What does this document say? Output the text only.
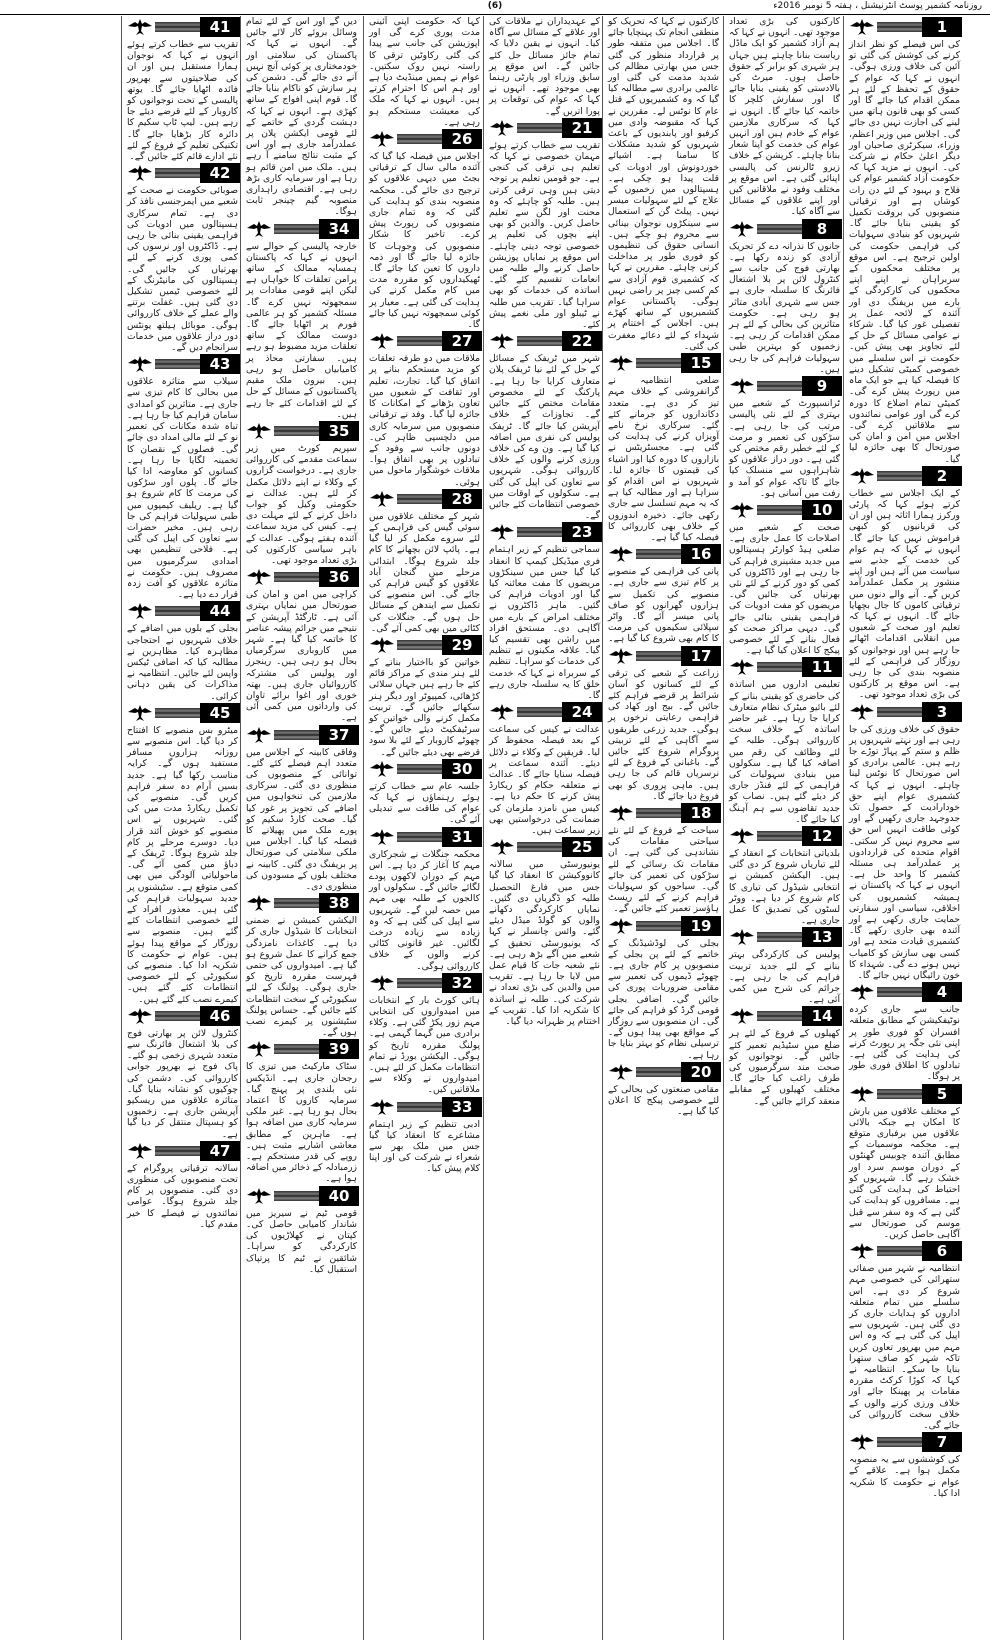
(6)	روزنامہ کشمیر پوسٹ انٹرنیشنل ، ہفتہ 5 نومبر 2016ء
1
کی اس فیصلے کو نظر انداز کرنے کی کوشش کی گئی تو آئین کی خلاف ورزی ہوگی۔ انہوں نے کہا کہ عوام کے حقوق کے تحفظ کے لئے ہر ممکن اقدام کیا جائے گا اور کسی کو بھی قانون ہاتھ میں لینے کی اجازت نہیں دی جائے گی۔ اجلاس میں وزیر اعظم، وزراء، سیکرٹری صاحبان اور دیگر اعلیٰ حکام نے شرکت کی۔ انہوں نے مزید کہا کہ حکومت آزاد کشمیر عوام کی فلاح و بہبود کے لئے دن رات کوشاں ہے اور ترقیاتی منصوبوں کی بروقت تکمیل کو یقینی بنایا جائے گا۔ شہریوں کو بنیادی سہولیات کی فراہمی حکومت کی اولین ترجیح ہے۔ اس موقع پر مختلف محکموں کے سربراہان نے اپنے اپنے محکموں کی کارکردگی کے بارے میں بریفنگ دی اور آئندہ کے لائحہ عمل پر تفصیلی غور کیا گیا۔ شرکاء نے عوامی مسائل کے حل کے لئے تجاویز بھی پیش کیں۔ حکومت نے اس سلسلے میں خصوصی کمیٹی تشکیل دینے کا فیصلہ کیا ہے جو ایک ماہ میں رپورٹ پیش کرے گی۔ کمیٹی تمام اضلاع کا دورہ کرے گی اور عوامی نمائندوں سے ملاقاتیں کرے گی۔ اجلاس میں امن و امان کی صورتحال کا بھی جائزہ لیا گیا۔
2
کے ایک اجلاس سے خطاب کرتے ہوئے کہا کہ پارٹی ورکرز ہمارا اثاثہ ہیں اور ان کی قربانیوں کو کبھی فراموش نہیں کیا جائے گا۔ انہوں نے کہا کہ ہم عوام کی خدمت کے جذبے سے سیاست میں آئے ہیں اور اپنے منشور پر مکمل عملدرآمد کریں گے۔ آنے والے دنوں میں ترقیاتی کاموں کا جال بچھایا جائے گا۔ انہوں نے کہا کہ تعلیم اور صحت کے شعبوں میں انقلابی اقدامات اٹھائے جا رہے ہیں اور نوجوانوں کو روزگار کی فراہمی کے لئے منصوبہ بندی کی جا رہی ہے۔ اس موقع پر کارکنوں کی بڑی تعداد موجود تھی۔
3
حقوق کی خلاف ورزی کی جا رہی ہے اور نہتے شہریوں پر ظلم و ستم کے پہاڑ توڑے جا رہے ہیں۔ عالمی برادری کو اس صورتحال کا نوٹس لینا چاہئے۔ انہوں نے کہا کہ کشمیری عوام اپنے حق خودارادیت کے حصول تک جدوجہد جاری رکھیں گے اور کوئی طاقت انہیں اس حق سے محروم نہیں کر سکتی۔ اقوام متحدہ کی قراردادوں پر عملدرآمد ہی مسئلہ کشمیر کا واحد حل ہے۔ انہوں نے کہا کہ پاکستان نے ہمیشہ کشمیریوں کی اخلاقی، سیاسی اور سفارتی حمایت جاری رکھی ہے اور آئندہ بھی جاری رکھے گا۔ کشمیری قیادت متحد ہے اور کسی بھی سازش کو کامیاب نہیں ہونے دے گی۔ شہداء کا خون رائیگاں نہیں جائے گا۔
4
جانب سے جاری کردہ نوٹیفکیشن کے مطابق متعلقہ افسران کو فوری طور پر اپنی نئی جگہ پر رپورٹ کرنے کی ہدایت کی گئی ہے۔ تبادلوں کا اطلاق فوری طور پر ہوگا۔
5
کے مختلف علاقوں میں بارش کا امکان ہے جبکہ بالائی علاقوں میں برفباری متوقع ہے۔ محکمہ موسمیات کے مطابق آئندہ چوبیس گھنٹوں کے دوران موسم سرد اور خشک رہے گا۔ شہریوں کو احتیاط کی ہدایت کی گئی ہے۔ مسافروں کو ہدایت کی گئی ہے کہ وہ سفر سے قبل موسم کی صورتحال سے آگاہی حاصل کریں۔
6
انتظامیہ نے شہر میں صفائی ستھرائی کی خصوصی مہم شروع کر دی ہے۔ اس سلسلے میں تمام متعلقہ اداروں کو ہدایات جاری کر دی گئی ہیں۔ شہریوں سے اپیل کی گئی ہے کہ وہ اس مہم میں بھرپور تعاون کریں تاکہ شہر کو صاف ستھرا بنایا جا سکے۔ انتظامیہ نے کہا کہ کوڑا کرکٹ مقررہ مقامات پر پھینکا جائے اور خلاف ورزی کرنے والوں کے خلاف سخت کارروائی کی جائے گی۔
7
کی کوششوں سے یہ منصوبہ مکمل ہوا ہے۔ علاقے کے عوام نے حکومت کا شکریہ ادا کیا۔
کارکنوں کی بڑی تعداد موجود تھی۔ انہوں نے کہا کہ ہم آزاد کشمیر کو ایک ماڈل ریاست بنانا چاہتے ہیں جہاں ہر شہری کو برابر کے حقوق حاصل ہوں۔ میرٹ کی بالادستی کو یقینی بنایا جائے گا اور سفارش کلچر کا خاتمہ کیا جائے گا۔ انہوں نے کہا کہ سرکاری ملازمین عوام کے خادم ہیں اور انہیں عوام کی خدمت کو اپنا شعار بنانا چاہئے۔ کرپشن کے خلاف زیرو ٹالرنس کی پالیسی اپنائی گئی ہے۔ اس موقع پر مختلف وفود نے ملاقاتیں کیں اور اپنے علاقوں کے مسائل سے آگاہ کیا۔
8
جانوں کا نذرانہ دے کر تحریک آزادی کو زندہ رکھا ہے۔ بھارتی فوج کی جانب سے کنٹرول لائن پر بلا اشتعال فائرنگ کا سلسلہ جاری ہے جس سے شہری آبادی متاثر ہو رہی ہے۔ حکومت متاثرین کی بحالی کے لئے ہر ممکن اقدامات کر رہی ہے۔ زخمیوں کو بہترین طبی سہولیات فراہم کی جا رہی ہیں۔
9
ٹرانسپورٹ کے شعبے میں بہتری کے لئے نئی پالیسی مرتب کی جا رہی ہے۔ سڑکوں کی تعمیر و مرمت کے لئے خطیر رقم مختص کی گئی ہے۔ دور دراز علاقوں کو شاہراہوں سے منسلک کیا جائے گا تاکہ عوام کو آمد و رفت میں آسانی ہو۔
10
صحت کے شعبے میں اصلاحات کا عمل جاری ہے۔ ضلعی ہیڈ کوارٹر ہسپتالوں میں جدید مشینری فراہم کی جا رہی ہے اور ڈاکٹروں کی کمی کو دور کرنے کے لئے نئی بھرتیاں کی جائیں گی۔ مریضوں کو مفت ادویات کی فراہمی یقینی بنائی جائے گی۔ دیہی مراکز صحت کو فعال بنانے کے لئے خصوصی پیکج کا اعلان کیا گیا ہے۔
11
تعلیمی اداروں میں اساتذہ کی حاضری کو یقینی بنانے کے لئے بائیو میٹرک نظام متعارف کرایا جا رہا ہے۔ غیر حاضر اساتذہ کے خلاف سخت کارروائی ہوگی۔ طلبہ کے لئے وظائف کی رقم میں اضافہ کیا گیا ہے۔ سکولوں میں بنیادی سہولیات کی فراہمی کے لئے فنڈز جاری کر دیئے گئے ہیں۔ نصاب کو جدید تقاضوں سے ہم آہنگ کیا جائے گا۔
12
بلدیاتی انتخابات کے انعقاد کے لئے تیاریاں شروع کر دی گئی ہیں۔ الیکشن کمیشن نے انتخابی شیڈول کی تیاری کا کام شروع کر دیا ہے۔ ووٹر لسٹوں کی تصدیق کا عمل جاری ہے۔
13
پولیس کی کارکردگی بہتر بنانے کے لئے جدید تربیت فراہم کی جا رہی ہے۔ جرائم کی شرح میں کمی آئی ہے۔
14
کھیلوں کے فروغ کے لئے ہر ضلع میں سٹیڈیم تعمیر کئے جائیں گے۔ نوجوانوں کو صحت مند سرگرمیوں کی طرف راغب کیا جائے گا۔ مختلف کھیلوں کے مقابلے منعقد کرائے جائیں گے۔
کارکنوں نے کہا کہ تحریک کو منطقی انجام تک پہنچایا جائے گا۔ اجلاس میں متفقہ طور پر قرارداد منظور کی گئی جس میں بھارتی مظالم کی شدید مذمت کی گئی اور عالمی برادری سے مطالبہ کیا گیا کہ وہ کشمیریوں کے قتل عام کا نوٹس لے۔ مقررین نے کہا کہ مقبوضہ وادی میں کرفیو اور پابندیوں کے باعث شہریوں کو شدید مشکلات کا سامنا ہے۔ اشیائے خوردونوش اور ادویات کی قلت پیدا ہو چکی ہے۔ ہسپتالوں میں زخمیوں کے علاج کے لئے سہولیات میسر نہیں۔ پیلٹ گن کے استعمال سے سینکڑوں نوجوان بینائی سے محروم ہو چکے ہیں۔ انسانی حقوق کی تنظیموں کو فوری طور پر مداخلت کرنی چاہئے۔ مقررین نے کہا کہ کشمیری قوم آزادی سے کم کسی چیز پر راضی نہیں ہوگی۔ پاکستانی عوام کشمیریوں کے ساتھ کھڑے ہیں۔ اجلاس کے اختتام پر شہداء کے لئے دعائے مغفرت کی گئی۔
15
ضلعی انتظامیہ نے گرانفروشی کے خلاف مہم تیز کر دی ہے۔ متعدد دکانداروں کو جرمانے کئے گئے۔ سرکاری نرخ نامے آویزاں کرنے کی ہدایت کی گئی ہے۔ مجسٹریٹس نے بازاروں کا دورہ کیا اور اشیاء کی قیمتوں کا جائزہ لیا۔ شہریوں نے اس اقدام کو سراہا ہے اور مطالبہ کیا ہے کہ یہ مہم تسلسل سے جاری رکھی جائے۔ ذخیرہ اندوزوں کے خلاف بھی کارروائی کا فیصلہ کیا گیا ہے۔
16
پانی کی فراہمی کے منصوبے پر کام تیزی سے جاری ہے۔ منصوبے کی تکمیل سے ہزاروں گھرانوں کو صاف پانی میسر آئے گا۔ واٹر سپلائی سکیموں کی مرمت کا کام بھی شروع کیا گیا ہے۔
17
زراعت کے شعبے کی ترقی کے لئے کسانوں کو آسان شرائط پر قرضے فراہم کئے جائیں گے۔ بیج اور کھاد کی فراہمی رعایتی نرخوں پر ہوگی۔ جدید زرعی طریقوں سے آگاہی کے لئے تربیتی پروگرام شروع کئے جائیں گے۔ باغبانی کے فروغ کے لئے نرسریاں قائم کی جا رہی ہیں۔ ماہی پروری کو بھی فروغ دیا جائے گا۔
18
سیاحت کے فروغ کے لئے نئے سیاحتی مقامات کی نشاندہی کی گئی ہے۔ ان مقامات تک رسائی کے لئے سڑکوں کی تعمیر کی جائے گی۔ سیاحوں کو سہولیات فراہم کرنے کے لئے ریسٹ ہاؤسز تعمیر کئے جائیں گے۔
19
بجلی کی لوڈشیڈنگ کے خاتمے کے لئے پن بجلی کے منصوبوں پر کام جاری ہے۔ چھوٹے ڈیموں کی تعمیر سے مقامی ضروریات پوری کی جائیں گی۔ اضافی بجلی قومی گرڈ کو فراہم کی جائے گی۔ ان منصوبوں سے روزگار کے مواقع بھی پیدا ہوں گے۔ ترسیلی نظام کو بہتر بنایا جا رہا ہے۔
20
مقامی صنعتوں کی بحالی کے لئے خصوصی پیکج کا اعلان کیا گیا ہے۔
کے عہدیداران نے ملاقات کی اور علاقے کے مسائل سے آگاہ کیا۔ انہوں نے یقین دلایا کہ تمام جائز مسائل حل کئے جائیں گے۔ اس موقع پر سابق وزراء اور پارٹی رہنما بھی موجود تھے۔ انہوں نے کہا کہ عوام کی توقعات پر پورا اتریں گے۔
21
تقریب سے خطاب کرتے ہوئے مہمان خصوصی نے کہا کہ تعلیم ہی ترقی کی کنجی ہے۔ جو قومیں تعلیم پر توجہ دیتی ہیں وہی ترقی کرتی ہیں۔ طلبہ کو چاہئے کہ وہ محنت اور لگن سے تعلیم حاصل کریں۔ والدین کو بھی اپنے بچوں کی تعلیم پر خصوصی توجہ دینی چاہئے۔ اس موقع پر نمایاں پوزیشن حاصل کرنے والے طلبہ میں انعامات تقسیم کئے گئے۔ اساتذہ کی خدمات کو بھی سراہا گیا۔ تقریب میں طلبہ نے ٹیبلو اور ملی نغمے پیش کئے۔
22
شہر میں ٹریفک کے مسائل کے حل کے لئے نیا ٹریفک پلان متعارف کرایا جا رہا ہے۔ پارکنگ کے لئے مخصوص مقامات مختص کئے جائیں گے۔ تجاوزات کے خلاف آپریشن کیا جائے گا۔ ٹریفک پولیس کی نفری میں اضافہ کیا گیا ہے۔ ون وے کی خلاف ورزی کرنے والوں کے خلاف کارروائی ہوگی۔ شہریوں سے تعاون کی اپیل کی گئی ہے۔ سکولوں کے اوقات میں خصوصی انتظامات کئے جائیں گے۔
23
سماجی تنظیم کے زیر اہتمام فری میڈیکل کیمپ کا انعقاد کیا گیا جس میں سینکڑوں مریضوں کا مفت معائنہ کیا گیا اور ادویات فراہم کی گئیں۔ ماہر ڈاکٹروں نے مختلف امراض کے بارے میں آگاہی دی۔ مستحق افراد میں راشن بھی تقسیم کیا گیا۔ علاقہ مکینوں نے تنظیم کی خدمات کو سراہا۔ تنظیم کے سربراہ نے کہا کہ خدمت خلق کا یہ سلسلہ جاری رہے گا۔
24
عدالت نے کیس کی سماعت کے بعد فیصلہ محفوظ کر لیا۔ فریقین کے وکلاء نے دلائل دیئے۔ آئندہ سماعت پر فیصلہ سنایا جائے گا۔ عدالت نے متعلقہ حکام کو ریکارڈ پیش کرنے کا حکم دیا ہے۔ کیس میں نامزد ملزمان کی ضمانت کی درخواستیں بھی زیر سماعت ہیں۔
25
یونیورسٹی میں سالانہ کانووکیشن کا انعقاد کیا گیا جس میں فارغ التحصیل طلبہ کو ڈگریاں دی گئیں۔ نمایاں کارکردگی دکھانے والوں کو گولڈ میڈل دیئے گئے۔ وائس چانسلر نے کہا کہ یونیورسٹی تحقیق کے شعبے میں آگے بڑھ رہی ہے۔ نئے شعبہ جات کا قیام عمل میں لایا جا رہا ہے۔ تقریب میں والدین کی بڑی تعداد نے شرکت کی۔ طلبہ نے اساتذہ کا شکریہ ادا کیا۔ تقریب کے اختتام پر ظہرانہ دیا گیا۔
کہا کہ حکومت اپنی آئینی مدت پوری کرے گی اور اپوزیشن کی جانب سے پیدا کی گئی رکاوٹیں ترقی کا راستہ نہیں روک سکتیں۔ عوام نے ہمیں مینڈیٹ دیا ہے اور ہم اس کا احترام کرتے ہیں۔ انہوں نے کہا کہ ملک کی معیشت مستحکم ہو رہی ہے۔
26
اجلاس میں فیصلہ کیا گیا کہ آئندہ مالی سال کے ترقیاتی بجٹ میں دیہی علاقوں کو ترجیح دی جائے گی۔ محکمہ منصوبہ بندی کو ہدایت کی گئی کہ وہ تمام جاری منصوبوں کی رپورٹ پیش کرے۔ تاخیر کا شکار منصوبوں کی وجوہات کا جائزہ لیا جائے گا اور ذمہ داروں کا تعین کیا جائے گا۔ ٹھیکیداروں کو مقررہ مدت میں کام مکمل کرنے کی ہدایت کی گئی ہے۔ معیار پر کوئی سمجھوتہ نہیں کیا جائے گا۔
27
ملاقات میں دو طرفہ تعلقات کو مزید مستحکم بنانے پر اتفاق کیا گیا۔ تجارت، تعلیم اور ثقافت کے شعبوں میں تعاون بڑھانے کے امکانات کا جائزہ لیا گیا۔ وفد نے ترقیاتی منصوبوں میں سرمایہ کاری میں دلچسپی ظاہر کی۔ دونوں جانب سے وفود کے تبادلوں پر بھی اتفاق ہوا۔ ملاقات خوشگوار ماحول میں ہوئی۔
28
شہر کے مختلف علاقوں میں سوئی گیس کی فراہمی کے لئے سروے مکمل کر لیا گیا ہے۔ پائپ لائن بچھانے کا کام جلد شروع ہوگا۔ ابتدائی مرحلے میں گنجان آباد علاقوں کو گیس فراہم کی جائے گی۔ اس منصوبے کی تکمیل سے ایندھن کے مسائل حل ہوں گے۔ جنگلات کی کٹائی میں بھی کمی آئے گی۔
29
خواتین کو بااختیار بنانے کے لئے ہنر مندی کے مراکز قائم کئے جا رہے ہیں جہاں سلائی کڑھائی، کمپیوٹر اور دیگر ہنر سکھائے جائیں گے۔ تربیت مکمل کرنے والی خواتین کو سرٹیفکیٹ دیئے جائیں گے۔ چھوٹے کاروبار کے لئے بلا سود قرضے بھی دیئے جائیں گے۔
30
جلسہ عام سے خطاب کرتے ہوئے رہنماؤں نے کہا کہ عوام کی طاقت سے تبدیلی آئے گی۔
31
محکمہ جنگلات نے شجرکاری مہم کا آغاز کر دیا ہے۔ اس مہم کے دوران لاکھوں پودے لگائے جائیں گے۔ سکولوں اور کالجوں کے طلبہ بھی مہم میں حصہ لیں گے۔ شہریوں سے اپیل کی گئی ہے کہ وہ زیادہ سے زیادہ درخت لگائیں۔ غیر قانونی کٹائی کرنے والوں کے خلاف کارروائی ہوگی۔
32
ہائی کورٹ بار کے انتخابات میں امیدواروں کی انتخابی مہم زور پکڑ گئی ہے۔ وکلاء برادری میں گہما گہمی ہے۔ پولنگ مقررہ تاریخ کو ہوگی۔ الیکشن بورڈ نے تمام انتظامات مکمل کر لئے ہیں۔ امیدواروں نے وکلاء سے ملاقاتیں کیں۔
33
ادبی تنظیم کے زیر اہتمام مشاعرے کا انعقاد کیا گیا جس میں ملک بھر سے شعراء نے شرکت کی اور اپنا کلام پیش کیا۔
دیں گے اور اس کے لئے تمام وسائل بروئے کار لائے جائیں گے۔ انہوں نے کہا کہ پاکستان کی سلامتی اور خودمختاری پر کوئی آنچ نہیں آنے دی جائے گی۔ دشمن کی ہر سازش کو ناکام بنایا جائے گا۔ قوم اپنی افواج کے ساتھ کھڑی ہے۔ انہوں نے کہا کہ دہشت گردی کے خاتمے کے لئے قومی ایکشن پلان پر عملدرآمد جاری ہے اور اس کے مثبت نتائج سامنے آ رہے ہیں۔ ملک میں امن قائم ہو رہا ہے اور سرمایہ کاری بڑھ رہی ہے۔ اقتصادی راہداری منصوبہ گیم چینجر ثابت ہوگا۔
34
خارجہ پالیسی کے حوالے سے انہوں نے کہا کہ پاکستان ہمسایہ ممالک کے ساتھ پرامن تعلقات کا خواہاں ہے لیکن اپنے قومی مفادات پر سمجھوتہ نہیں کرے گا۔ مسئلہ کشمیر کو ہر عالمی فورم پر اٹھایا جائے گا۔ دوست ممالک کے ساتھ تعلقات مزید مضبوط ہو رہے ہیں۔ سفارتی محاذ پر کامیابیاں حاصل ہو رہی ہیں۔ بیرون ملک مقیم پاکستانیوں کے مسائل کے حل کے لئے اقدامات کئے جا رہے ہیں۔
35
سپریم کورٹ میں زیر سماعت مقدمے کی کارروائی جاری ہے۔ درخواست گزاروں کے وکلاء نے اپنے دلائل مکمل کر لئے ہیں۔ عدالت نے حکومتی وکیل کو جواب داخل کرنے کے لئے مہلت دی ہے۔ کیس کی مزید سماعت آئندہ ہفتے ہوگی۔ عدالت کے باہر سیاسی کارکنوں کی بڑی تعداد موجود تھی۔
36
کراچی میں امن و امان کی صورتحال میں نمایاں بہتری آئی ہے۔ ٹارگٹڈ آپریشن کے نتیجے میں جرائم پیشہ عناصر کا خاتمہ کیا گیا ہے۔ شہر میں کاروباری سرگرمیاں بحال ہو رہی ہیں۔ رینجرز اور پولیس کی مشترکہ کارروائیاں جاری ہیں۔ بھتہ خوری اور اغوا برائے تاوان کی وارداتوں میں کمی آئی ہے۔
37
وفاقی کابینہ کے اجلاس میں متعدد اہم فیصلے کئے گئے۔ توانائی کے منصوبوں کی منظوری دی گئی۔ سرکاری ملازمین کی تنخواہوں میں اضافے کی تجویز پر غور کیا گیا۔ صحت کارڈ سکیم کو پورے ملک میں پھیلانے کا فیصلہ کیا گیا۔ اجلاس میں ملکی سلامتی کی صورتحال پر بریفنگ دی گئی۔ کابینہ نے مختلف بلوں کے مسودوں کی منظوری دی۔
38
الیکشن کمیشن نے ضمنی انتخابات کا شیڈول جاری کر دیا ہے۔ کاغذات نامزدگی جمع کرانے کا عمل شروع ہو گیا ہے۔ امیدواروں کی حتمی فہرست مقررہ تاریخ کو جاری ہوگی۔ پولنگ کے لئے سکیورٹی کے سخت انتظامات کئے جائیں گے۔ حساس پولنگ سٹیشنوں پر کیمرے نصب ہوں گے۔
39
سٹاک مارکیٹ میں تیزی کا رجحان جاری ہے۔ انڈیکس نئی بلندی پر پہنچ گیا۔ سرمایہ کاروں کا اعتماد بحال ہو رہا ہے۔ غیر ملکی سرمایہ کاری میں اضافہ ہوا ہے۔ ماہرین کے مطابق معاشی اشاریے مثبت ہیں۔ روپے کی قدر مستحکم ہے۔ زرمبادلہ کے ذخائر میں اضافہ ہوا ہے۔
40
قومی ٹیم نے سیریز میں شاندار کامیابی حاصل کی۔ کپتان نے کھلاڑیوں کی کارکردگی کو سراہا۔ شائقین نے ٹیم کا پرتپاک استقبال کیا۔
41
تقریب سے خطاب کرتے ہوئے انہوں نے کہا کہ نوجوان ہمارا مستقبل ہیں اور ان کی صلاحیتوں سے بھرپور فائدہ اٹھایا جائے گا۔ یوتھ پالیسی کے تحت نوجوانوں کو کاروبار کے لئے قرضے دیئے جا رہے ہیں۔ لیپ ٹاپ سکیم کا دائرہ کار بڑھایا جائے گا۔ تکنیکی تعلیم کے فروغ کے لئے نئے ادارے قائم کئے جائیں گے۔
42
صوبائی حکومت نے صحت کے شعبے میں ایمرجنسی نافذ کر دی ہے۔ تمام سرکاری ہسپتالوں میں ادویات کی فراہمی یقینی بنائی جا رہی ہے۔ ڈاکٹروں اور نرسوں کی کمی پوری کرنے کے لئے بھرتیاں کی جائیں گی۔ ہسپتالوں کی مانیٹرنگ کے لئے خصوصی ٹیمیں تشکیل دی گئی ہیں۔ غفلت برتنے والے عملے کے خلاف کارروائی ہوگی۔ موبائل ہیلتھ یونٹس دور دراز علاقوں میں خدمات سرانجام دیں گے۔
43
سیلاب سے متاثرہ علاقوں میں بحالی کا کام تیزی سے جاری ہے۔ متاثرین کو امدادی سامان فراہم کیا جا رہا ہے۔ تباہ شدہ مکانات کی تعمیر نو کے لئے مالی امداد دی جائے گی۔ فصلوں کے نقصان کا تخمینہ لگایا جا رہا ہے۔ کسانوں کو معاوضہ ادا کیا جائے گا۔ پلوں اور سڑکوں کی مرمت کا کام شروع ہو گیا ہے۔ ریلیف کیمپوں میں طبی سہولیات فراہم کی جا رہی ہیں۔ مخیر حضرات سے تعاون کی اپیل کی گئی ہے۔ فلاحی تنظیمیں بھی امدادی سرگرمیوں میں مصروف ہیں۔ حکومت نے متاثرہ علاقوں کو آفت زدہ قرار دے دیا ہے۔
44
بجلی کے بلوں میں اضافے کے خلاف شہریوں نے احتجاجی مظاہرہ کیا۔ مظاہرین نے مطالبہ کیا کہ اضافی ٹیکس واپس لئے جائیں۔ انتظامیہ نے مذاکرات کی یقین دہانی کرائی۔
45
میٹرو بس منصوبے کا افتتاح کر دیا گیا۔ اس منصوبے سے روزانہ ہزاروں مسافر مستفید ہوں گے۔ کرایہ مناسب رکھا گیا ہے۔ جدید بسیں آرام دہ سفر فراہم کریں گی۔ منصوبے کی تکمیل ریکارڈ مدت میں کی گئی۔ شہریوں نے اس منصوبے کو خوش آئند قرار دیا۔ دوسرے مرحلے پر کام جلد شروع ہوگا۔ ٹریفک کے دباؤ میں کمی آئے گی۔ ماحولیاتی آلودگی میں بھی کمی متوقع ہے۔ سٹیشنوں پر جدید سہولیات فراہم کی گئی ہیں۔ معذور افراد کے لئے خصوصی انتظامات کئے گئے ہیں۔ منصوبے سے روزگار کے مواقع پیدا ہوئے ہیں۔ عوام نے حکومت کا شکریہ ادا کیا۔ منصوبے کی سکیورٹی کے لئے خصوصی انتظامات کئے گئے ہیں۔ کیمرے نصب کئے گئے ہیں۔
46
کنٹرول لائن پر بھارتی فوج کی بلا اشتعال فائرنگ سے متعدد شہری زخمی ہو گئے۔ پاک فوج نے بھرپور جوابی کارروائی کی۔ دشمن کی چوکیوں کو نشانہ بنایا گیا۔ متاثرہ علاقوں میں ریسکیو آپریشن جاری ہے۔ زخمیوں کو ہسپتال منتقل کر دیا گیا ہے۔
47
سالانہ ترقیاتی پروگرام کے تحت منصوبوں کی منظوری دی گئی۔ منصوبوں پر کام جلد شروع ہوگا۔ عوامی نمائندوں نے فیصلے کا خیر مقدم کیا۔
